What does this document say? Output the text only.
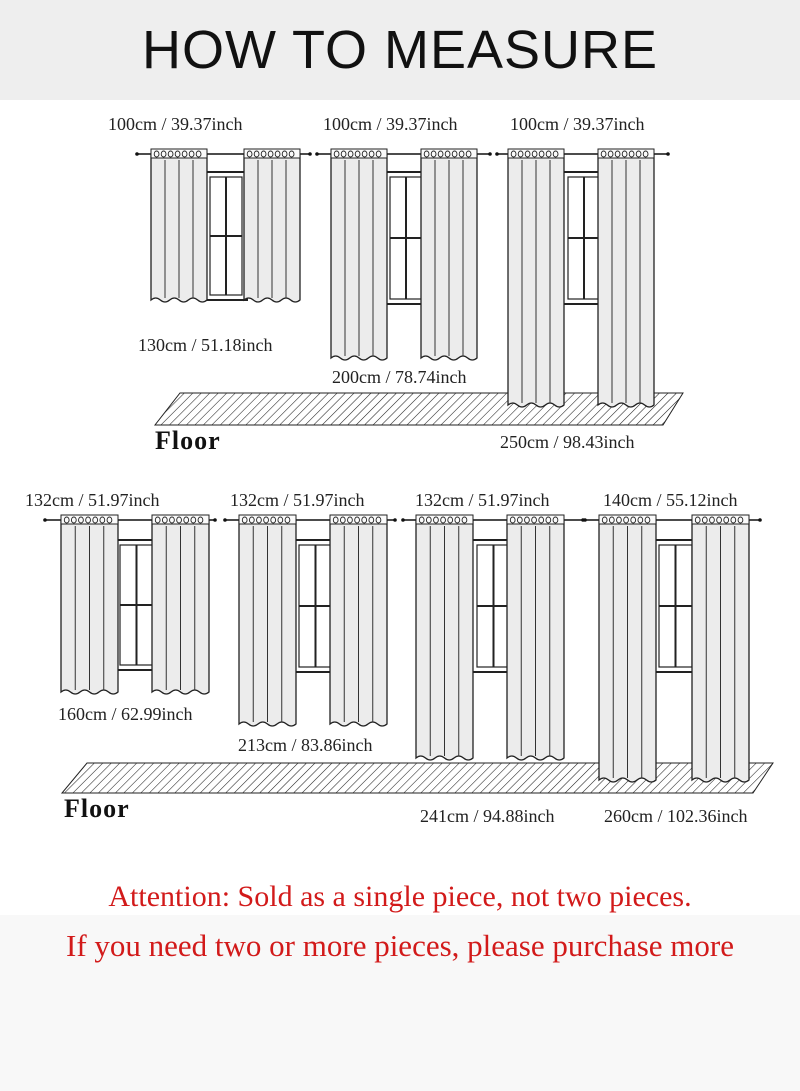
HOW TO MEASURE
100cm / 39.37inch	100cm / 39.37inch	100cm / 39.37inch
130cm / 51.18inch
200cm / 78.74inch
250cm / 98.43inch
Floor
132cm / 51.97inch	132cm / 51.97inch	132cm / 51.97inch	140cm / 55.12inch
160cm / 62.99inch
213cm / 83.86inch
241cm / 94.88inch	260cm / 102.36inch
Floor
Attention: Sold as a single piece, not two pieces.
If you need two or more pieces, please purchase more
